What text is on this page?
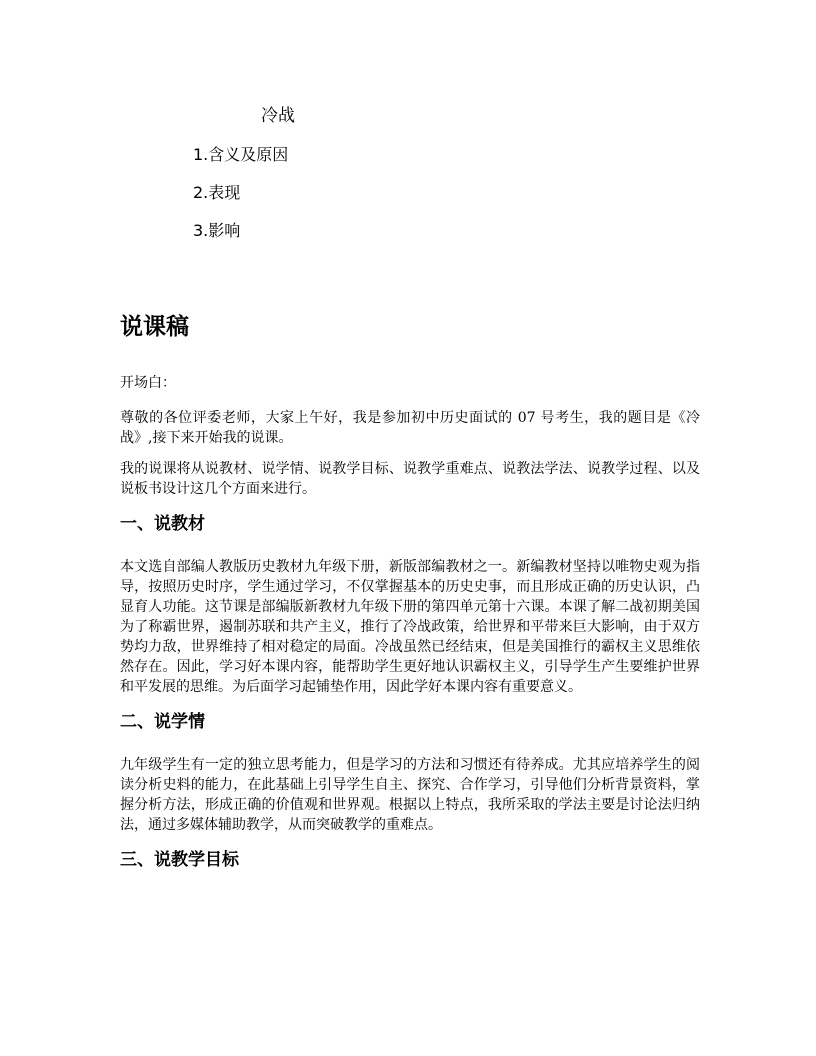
冷战
1.含义及原因
2.表现
3.影响
说课稿

开场白：

尊敬的各位评委老师，大家上午好，我是参加初中历史面试的 07 号考生，我的题目是《冷战》,接下来开始我的说课。

我的说课将从说教材、说学情、说教学目标、说教学重难点、说教法学法、说教学过程、以及说板书设计这几个方面来进行。

一、说教材

本文选自部编人教版历史教材九年级下册，新版部编教材之一。新编教材坚持以唯物史观为指导，按照历史时序，学生通过学习，不仅掌握基本的历史史事，而且形成正确的历史认识，凸显育人功能。这节课是部编版新教材九年级下册的第四单元第十六课。本课了解二战初期美国为了称霸世界，遏制苏联和共产主义，推行了冷战政策，给世界和平带来巨大影响，由于双方势均力敌，世界维持了相对稳定的局面。冷战虽然已经结束，但是美国推行的霸权主义思维依然存在。因此，学习好本课内容，能帮助学生更好地认识霸权主义，引导学生产生要维护世界和平发展的思维。为后面学习起铺垫作用，因此学好本课内容有重要意义。

二、说学情

九年级学生有一定的独立思考能力，但是学习的方法和习惯还有待养成。尤其应培养学生的阅读分析史料的能力，在此基础上引导学生自主、探究、合作学习，引导他们分析背景资料，掌握分析方法，形成正确的价值观和世界观。根据以上特点，我所采取的学法主要是讨论法归纳法，通过多媒体辅助教学，从而突破教学的重难点。

三、说教学目标
